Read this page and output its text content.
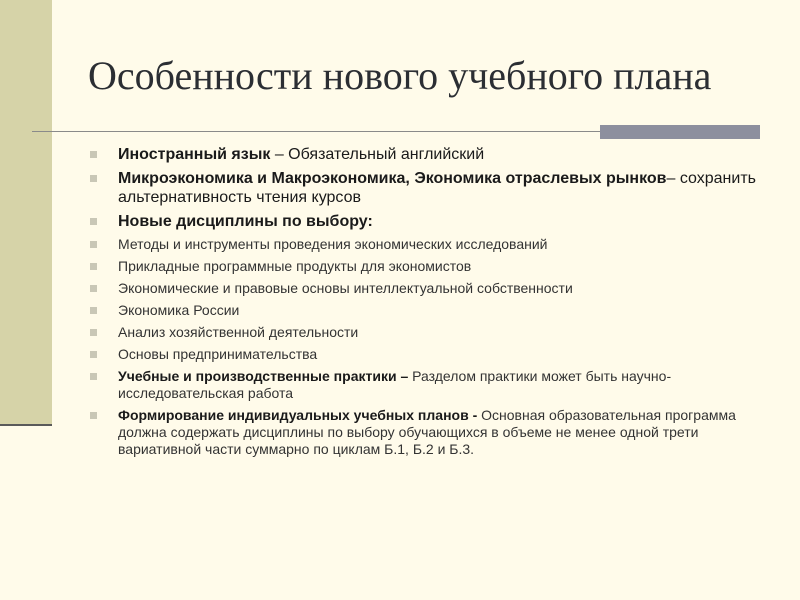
Особенности нового учебного плана
Иностранный язык – Обязательный английский
Микроэкономика и Макроэкономика, Экономика отраслевых рынков– сохранить альтернативность чтения курсов
Новые дисциплины по выбору:
Методы и инструменты проведения экономических исследований
Прикладные программные продукты для экономистов
Экономические и правовые основы интеллектуальной собственности
Экономика России
Анализ хозяйственной деятельности
Основы предпринимательства
Учебные и производственные практики – Разделом практики может быть научно-исследовательская работа
Формирование индивидуальных учебных планов - Основная образовательная программа должна содержать дисциплины по выбору обучающихся в объеме не менее одной трети вариативной части суммарно по циклам Б.1, Б.2 и Б.3.
